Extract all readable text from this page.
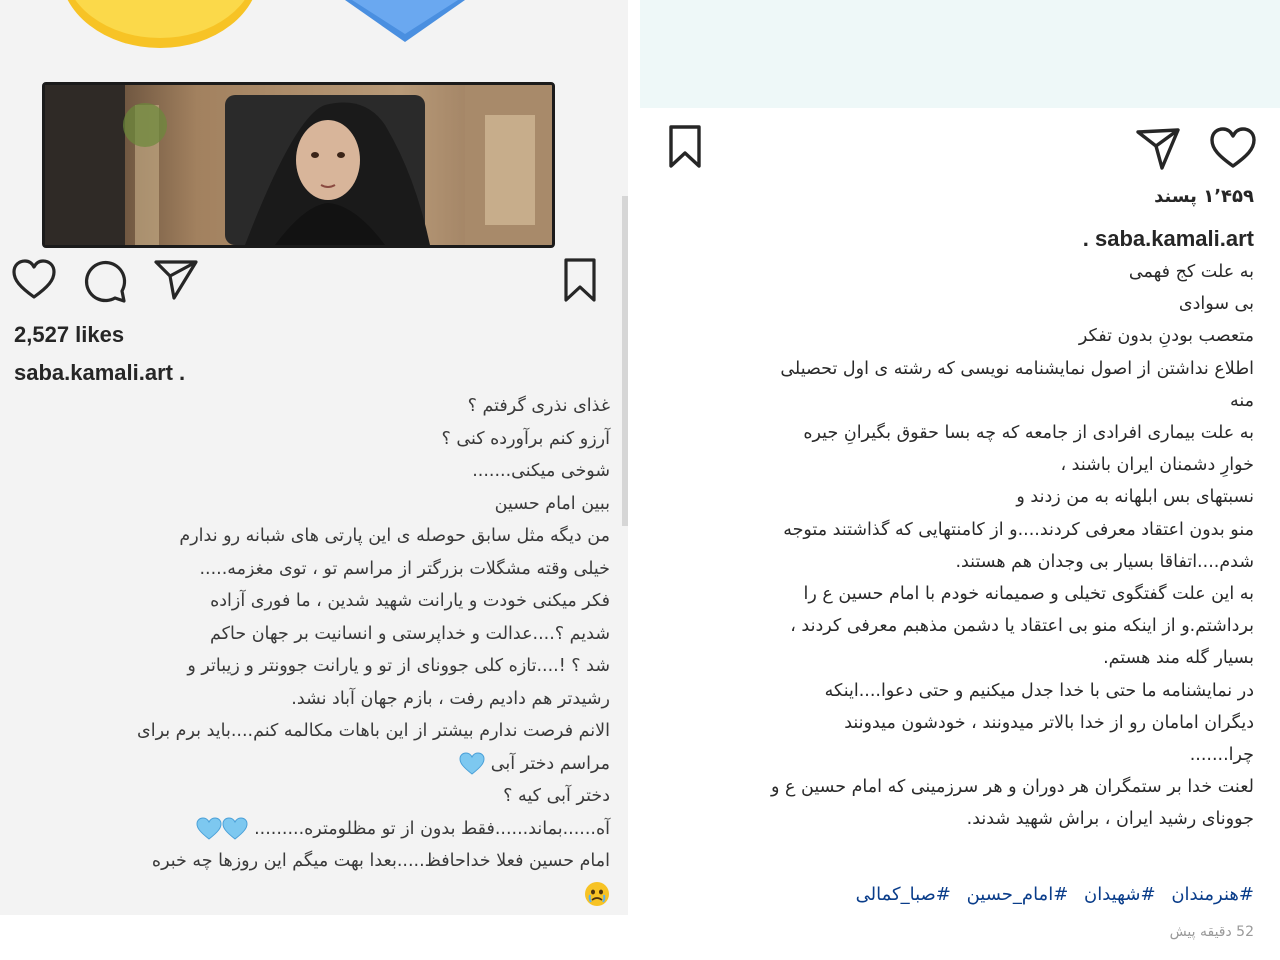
2,527 likes
saba.kamali.art .
غذای نذری گرفتم ؟
آرزو کنم برآورده کنی ؟
شوخی میکنی.......
ببین امام حسین
من دیگه مثل سابق حوصله ی این پارتی های شبانه رو ندارم
خیلی وقته مشگلات بزرگتر از مراسم تو ، توی مغزمه.....
فکر میکنی خودت و یارانت شهید شدین ، ما فوری آزاده
شدیم ؟....عدالت و خداپرستی و انسانیت بر جهان حاکم
شد ؟ !....تازه کلی جوونای از تو و یارانت جوونتر و زیباتر و
رشیدتر هم دادیم رفت ، بازم جهان آباد نشد.
الانم فرصت ندارم بیشتر از این باهات مکالمه کنم....باید برم برای
مراسم دختر آبی
دختر آبی کیه ؟
آه......بماند......فقط بدون از تو مظلومتره.........
امام حسین فعلا خداحافظ.....بعدا بهت میگم این روزها چه خبره
۱٬۴۵۹ پسند
. saba.kamali.art
به علت کج فهمی
بی سوادی
متعصب بودنِ بدون تفکر
اطلاع نداشتن از اصول نمایشنامه نویسی که رشته ی اول تحصیلی
منه
به علت بیماری افرادی از جامعه که چه بسا حقوق بگیرانِ جیره
خوارِ دشمنان ایران باشند ،
نسبتهای بس ابلهانه به من زدند و
منو بدون اعتقاد معرفی کردند....و از کامنتهایی که گذاشتند متوجه
شدم....اتفاقا بسیار بی وجدان هم هستند.
به این علت گفتگوی تخیلی و صمیمانه خودم با امام حسین ع را
برداشتم.و از اینکه منو بی اعتقاد یا دشمن مذهبم معرفی کردند ،
بسیار گله مند هستم.
در نمایشنامه ما حتی با خدا جدل میکنیم و حتی دعوا....اینکه
دیگران امامان رو از خدا بالاتر میدونند ، خودشون میدونند
چرا.......
لعنت خدا بر ستمگران هر دوران و هر سرزمینی که امام حسین ع و
جوونای رشید ایران ، براش شهید شدند.
#هنرمندان #شهیدان #امام_حسین #صبا_کمالی
52 دقیقه پیش
